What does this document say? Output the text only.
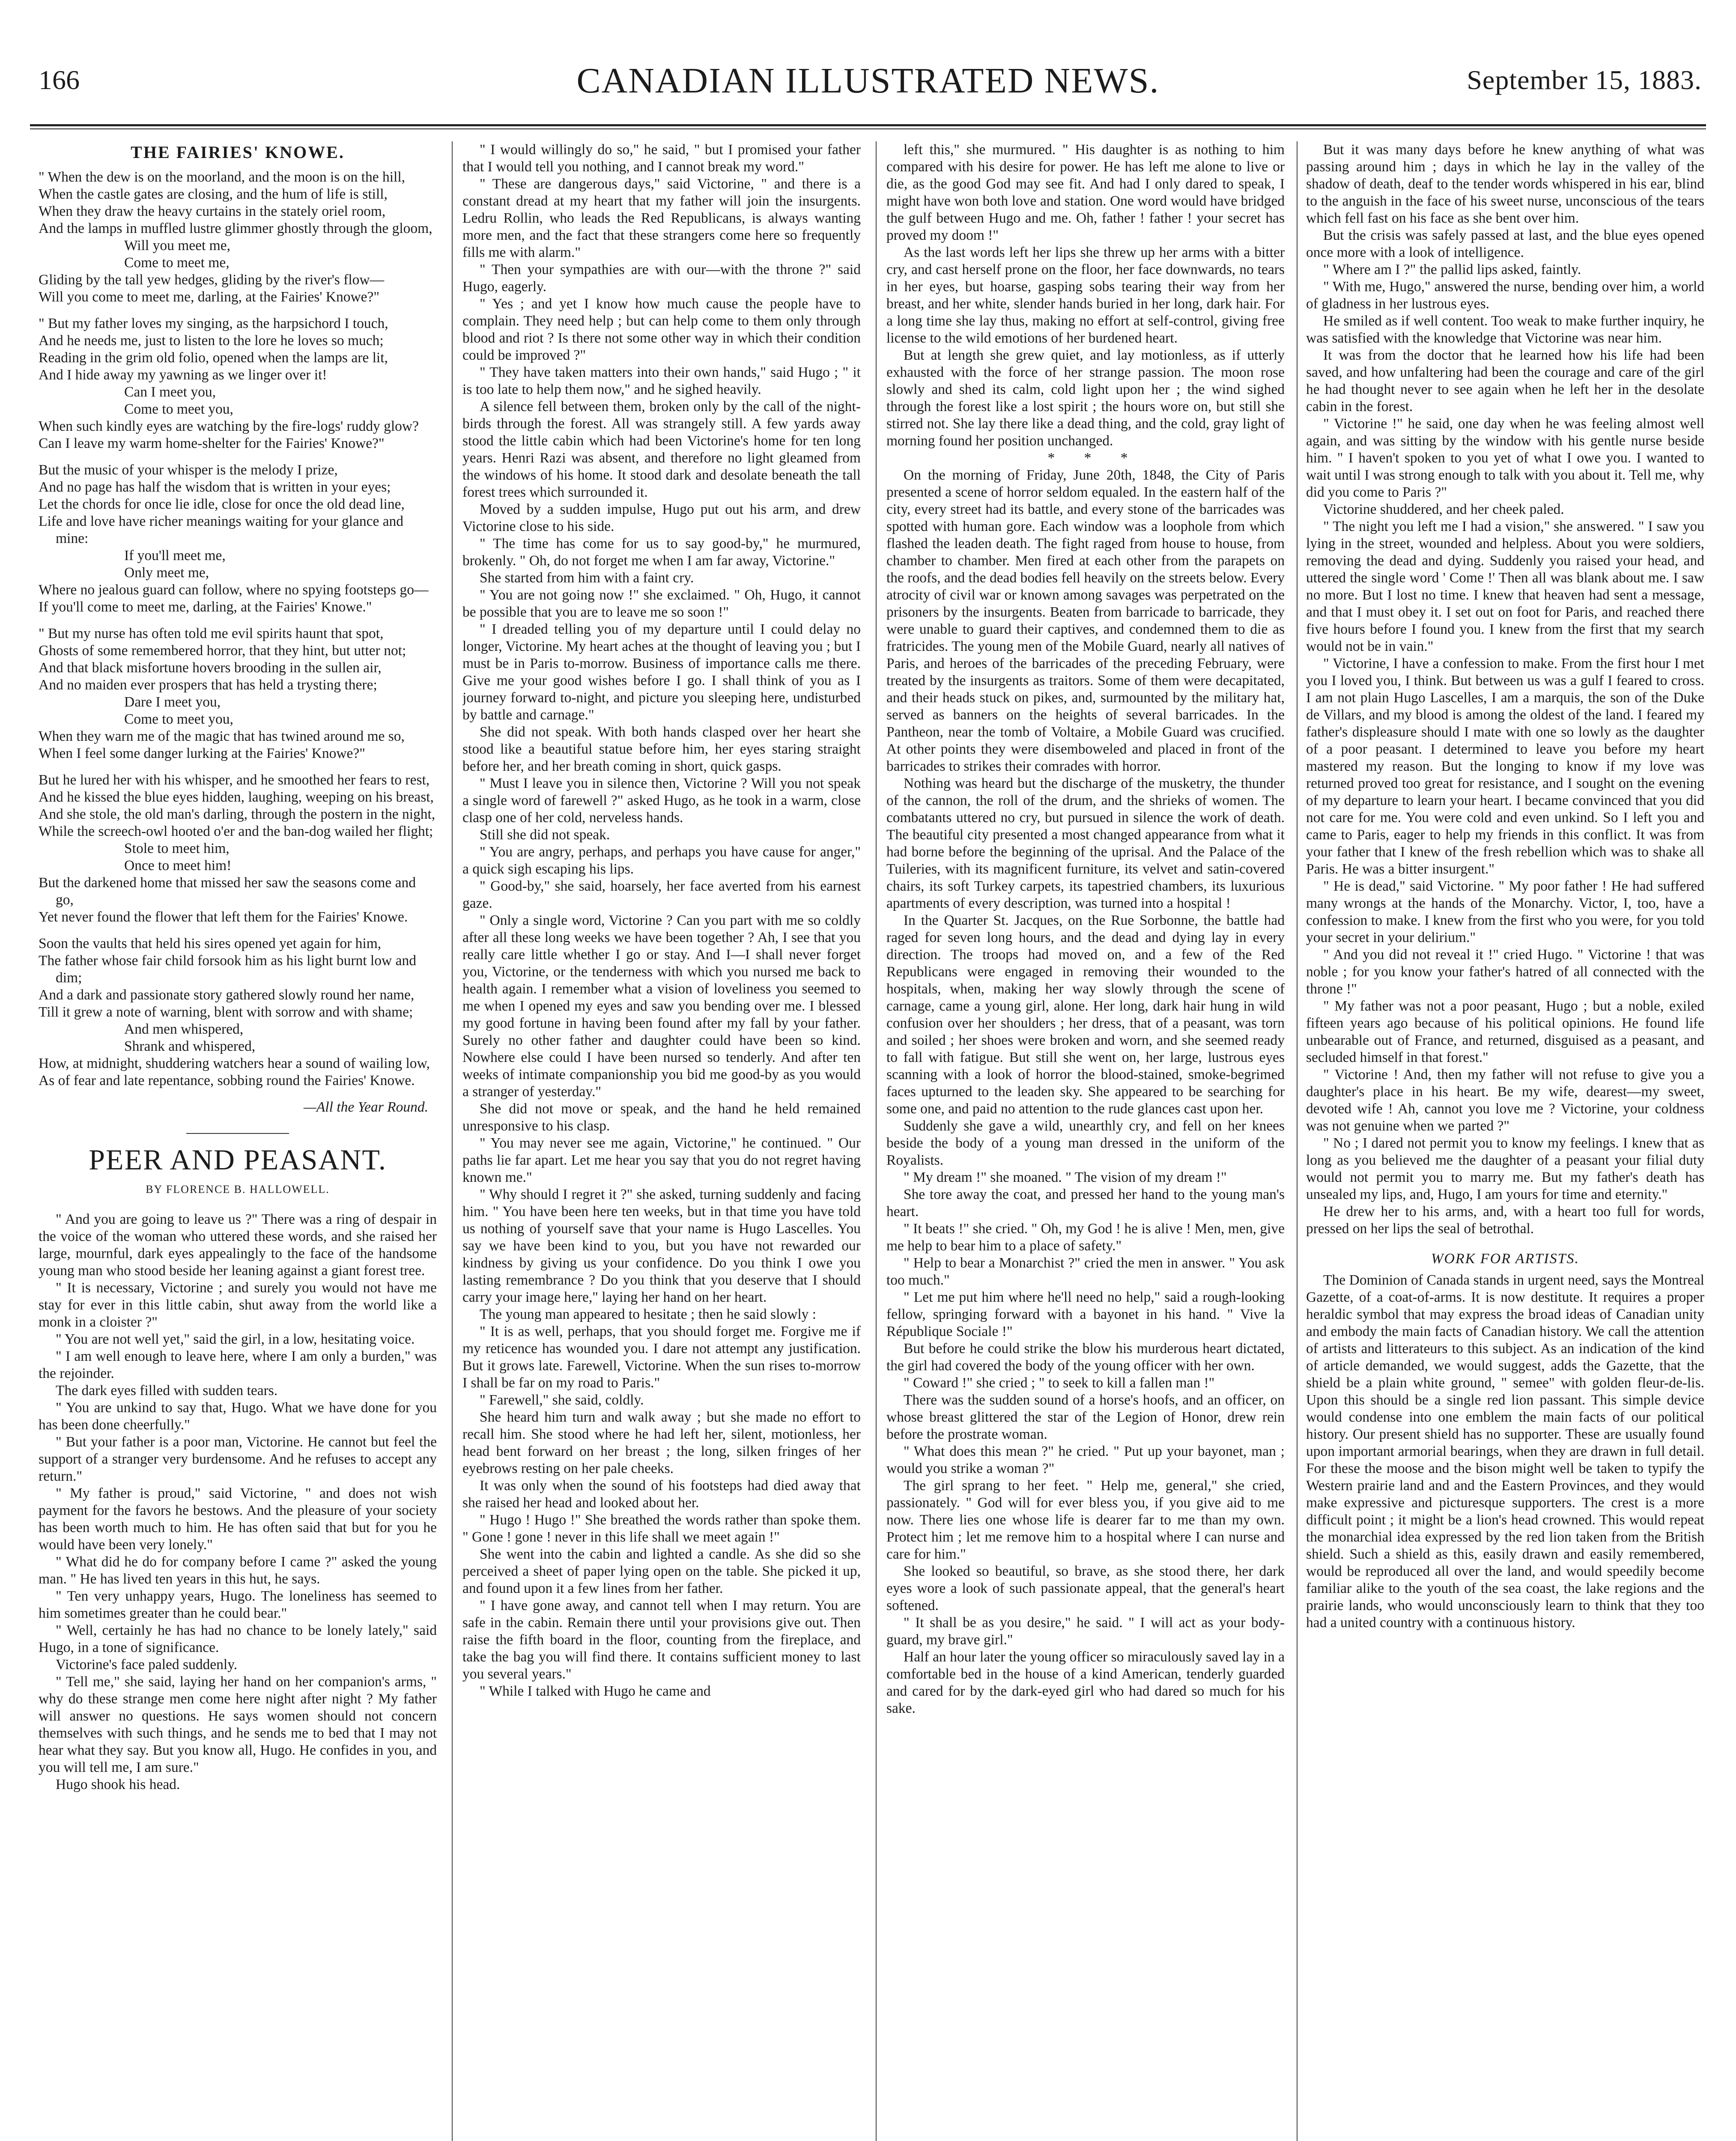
166	CANADIAN ILLUSTRATED NEWS.	September 15, 1883.
THE FAIRIES' KNOWE.
" When the dew is on the moorland, and the moon is on the hill,
When the castle gates are closing, and the hum of life is still,
When they draw the heavy curtains in the stately oriel room,
And the lamps in muffled lustre glimmer ghostly through the gloom,
Will you meet me,
Come to meet me,
Gliding by the tall yew hedges, gliding by the river's flow—
Will you come to meet me, darling, at the Fairies' Knowe?"
" But my father loves my singing, as the harpsichord I touch,
And he needs me, just to listen to the lore he loves so much;
Reading in the grim old folio, opened when the lamps are lit,
And I hide away my yawning as we linger over it!
Can I meet you,
Come to meet you,
When such kindly eyes are watching by the fire-logs' ruddy glow?
Can I leave my warm home-shelter for the Fairies' Knowe?"
But the music of your whisper is the melody I prize,
And no page has half the wisdom that is written in your eyes;
Let the chords for once lie idle, close for once the old dead line,
Life and love have richer meanings waiting for your glance and mine:
If you'll meet me,
Only meet me,
Where no jealous guard can follow, where no spying footsteps go—
If you'll come to meet me, darling, at the Fairies' Knowe."
" But my nurse has often told me evil spirits haunt that spot,
Ghosts of some remembered horror, that they hint, but utter not;
And that black misfortune hovers brooding in the sullen air,
And no maiden ever prospers that has held a trysting there;
Dare I meet you,
Come to meet you,
When they warn me of the magic that has twined around me so,
When I feel some danger lurking at the Fairies' Knowe?"
But he lured her with his whisper, and he smoothed her fears to rest,
And he kissed the blue eyes hidden, laughing, weeping on his breast,
And she stole, the old man's darling, through the postern in the night,
While the screech-owl hooted o'er and the ban-dog wailed her flight;
Stole to meet him,
Once to meet him!
But the darkened home that missed her saw the seasons come and go,
Yet never found the flower that left them for the Fairies' Knowe.
Soon the vaults that held his sires opened yet again for him,
The father whose fair child forsook him as his light burnt low and dim;
And a dark and passionate story gathered slowly round her name,
Till it grew a note of warning, blent with sorrow and with shame;
And men whispered,
Shrank and whispered,
How, at midnight, shuddering watchers hear a sound of wailing low,
As of fear and late repentance, sobbing round the Fairies' Knowe.
—All the Year Round.
PEER AND PEASANT.
BY FLORENCE B. HALLOWELL.

" And you are going to leave us ?" There was a ring of despair in the voice of the woman who uttered these words, and she raised her large, mournful, dark eyes appealingly to the face of the handsome young man who stood beside her leaning against a giant forest tree.

" It is necessary, Victorine ; and surely you would not have me stay for ever in this little cabin, shut away from the world like a monk in a cloister ?"

" You are not well yet," said the girl, in a low, hesitating voice.

" I am well enough to leave here, where I am only a burden," was the rejoinder.

The dark eyes filled with sudden tears.

" You are unkind to say that, Hugo. What we have done for you has been done cheerfully."

" But your father is a poor man, Victorine. He cannot but feel the support of a stranger very burdensome. And he refuses to accept any return."

" My father is proud," said Victorine, " and does not wish payment for the favors he bestows. And the pleasure of your society has been worth much to him. He has often said that but for you he would have been very lonely."

" What did he do for company before I came ?" asked the young man. " He has lived ten years in this hut, he says.

" Ten very unhappy years, Hugo. The loneliness has seemed to him sometimes greater than he could bear."

" Well, certainly he has had no chance to be lonely lately," said Hugo, in a tone of significance.

Victorine's face paled suddenly.

" Tell me," she said, laying her hand on her companion's arms, " why do these strange men come here night after night ? My father will answer no questions. He says women should not concern themselves with such things, and he sends me to bed that I may not hear what they say. But you know all, Hugo. He confides in you, and you will tell me, I am sure."

Hugo shook his head.

" I would willingly do so," he said, " but I promised your father that I would tell you nothing, and I cannot break my word."

" These are dangerous days," said Victorine, " and there is a constant dread at my heart that my father will join the insurgents. Ledru Rollin, who leads the Red Republicans, is always wanting more men, and the fact that these strangers come here so frequently fills me with alarm."

" Then your sympathies are with our—with the throne ?" said Hugo, eagerly.

" Yes ; and yet I know how much cause the people have to complain. They need help ; but can help come to them only through blood and riot ? Is there not some other way in which their condition could be improved ?"

" They have taken matters into their own hands," said Hugo ; " it is too late to help them now," and he sighed heavily.

A silence fell between them, broken only by the call of the night-birds through the forest. All was strangely still. A few yards away stood the little cabin which had been Victorine's home for ten long years. Henri Razi was absent, and therefore no light gleamed from the windows of his home. It stood dark and desolate beneath the tall forest trees which surrounded it.

Moved by a sudden impulse, Hugo put out his arm, and drew Victorine close to his side.

" The time has come for us to say good-by," he murmured, brokenly. " Oh, do not forget me when I am far away, Victorine."

She started from him with a faint cry.

" You are not going now !" she exclaimed. " Oh, Hugo, it cannot be possible that you are to leave me so soon !"

" I dreaded telling you of my departure until I could delay no longer, Victorine. My heart aches at the thought of leaving you ; but I must be in Paris to-morrow. Business of importance calls me there. Give me your good wishes before I go. I shall think of you as I journey forward to-night, and picture you sleeping here, undisturbed by battle and carnage."

She did not speak. With both hands clasped over her heart she stood like a beautiful statue before him, her eyes staring straight before her, and her breath coming in short, quick gasps.

" Must I leave you in silence then, Victorine ? Will you not speak a single word of farewell ?" asked Hugo, as he took in a warm, close clasp one of her cold, nerveless hands.

Still she did not speak.

" You are angry, perhaps, and perhaps you have cause for anger," a quick sigh escaping his lips.

" Good-by," she said, hoarsely, her face averted from his earnest gaze.

" Only a single word, Victorine ? Can you part with me so coldly after all these long weeks we have been together ? Ah, I see that you really care little whether I go or stay. And I—I shall never forget you, Victorine, or the tenderness with which you nursed me back to health again. I remember what a vision of loveliness you seemed to me when I opened my eyes and saw you bending over me. I blessed my good fortune in having been found after my fall by your father. Surely no other father and daughter could have been so kind. Nowhere else could I have been nursed so tenderly. And after ten weeks of intimate companionship you bid me good-by as you would a stranger of yesterday."

She did not move or speak, and the hand he held remained unresponsive to his clasp.

" You may never see me again, Victorine," he continued. " Our paths lie far apart. Let me hear you say that you do not regret having known me."

" Why should I regret it ?" she asked, turning suddenly and facing him. " You have been here ten weeks, but in that time you have told us nothing of yourself save that your name is Hugo Lascelles. You say we have been kind to you, but you have not rewarded our kindness by giving us your confidence. Do you think I owe you lasting remembrance ? Do you think that you deserve that I should carry your image here," laying her hand on her heart.

The young man appeared to hesitate ; then he said slowly :

" It is as well, perhaps, that you should forget me. Forgive me if my reticence has wounded you. I dare not attempt any justification. But it grows late. Farewell, Victorine. When the sun rises to-morrow I shall be far on my road to Paris."

" Farewell," she said, coldly.

She heard him turn and walk away ; but she made no effort to recall him. She stood where he had left her, silent, motionless, her head bent forward on her breast ; the long, silken fringes of her eyebrows resting on her pale cheeks.

It was only when the sound of his footsteps had died away that she raised her head and looked about her.

" Hugo ! Hugo !" She breathed the words rather than spoke them. " Gone ! gone ! never in this life shall we meet again !"

She went into the cabin and lighted a candle. As she did so she perceived a sheet of paper lying open on the table. She picked it up, and found upon it a few lines from her father.

" I have gone away, and cannot tell when I may return. You are safe in the cabin. Remain there until your provisions give out. Then raise the fifth board in the floor, counting from the fireplace, and take the bag you will find there. It contains sufficient money to last you several years."

" While I talked with Hugo he came and

left this," she murmured. " His daughter is as nothing to him compared with his desire for power. He has left me alone to live or die, as the good God may see fit. And had I only dared to speak, I might have won both love and station. One word would have bridged the gulf between Hugo and me. Oh, father ! father ! your secret has proved my doom !"

As the last words left her lips she threw up her arms with a bitter cry, and cast herself prone on the floor, her face downwards, no tears in her eyes, but hoarse, gasping sobs tearing their way from her breast, and her white, slender hands buried in her long, dark hair. For a long time she lay thus, making no effort at self-control, giving free license to the wild emotions of her burdened heart.

But at length she grew quiet, and lay motionless, as if utterly exhausted with the force of her strange passion. The moon rose slowly and shed its calm, cold light upon her ; the wind sighed through the forest like a lost spirit ; the hours wore on, but still she stirred not. She lay there like a dead thing, and the cold, gray light of morning found her position unchanged.

* * *

On the morning of Friday, June 20th, 1848, the City of Paris presented a scene of horror seldom equaled. In the eastern half of the city, every street had its battle, and every stone of the barricades was spotted with human gore. Each window was a loophole from which flashed the leaden death. The fight raged from house to house, from chamber to chamber. Men fired at each other from the parapets on the roofs, and the dead bodies fell heavily on the streets below. Every atrocity of civil war or known among savages was perpetrated on the prisoners by the insurgents. Beaten from barricade to barricade, they were unable to guard their captives, and condemned them to die as fratricides. The young men of the Mobile Guard, nearly all natives of Paris, and heroes of the barricades of the preceding February, were treated by the insurgents as traitors. Some of them were decapitated, and their heads stuck on pikes, and, surmounted by the military hat, served as banners on the heights of several barricades. In the Pantheon, near the tomb of Voltaire, a Mobile Guard was crucified. At other points they were disemboweled and placed in front of the barricades to strikes their comrades with horror.

Nothing was heard but the discharge of the musketry, the thunder of the cannon, the roll of the drum, and the shrieks of women. The combatants uttered no cry, but pursued in silence the work of death. The beautiful city presented a most changed appearance from what it had borne before the beginning of the uprisal. And the Palace of the Tuileries, with its magnificent furniture, its velvet and satin-covered chairs, its soft Turkey carpets, its tapestried chambers, its luxurious apartments of every description, was turned into a hospital !

In the Quarter St. Jacques, on the Rue Sorbonne, the battle had raged for seven long hours, and the dead and dying lay in every direction. The troops had moved on, and a few of the Red Republicans were engaged in removing their wounded to the hospitals, when, making her way slowly through the scene of carnage, came a young girl, alone. Her long, dark hair hung in wild confusion over her shoulders ; her dress, that of a peasant, was torn and soiled ; her shoes were broken and worn, and she seemed ready to fall with fatigue. But still she went on, her large, lustrous eyes scanning with a look of horror the blood-stained, smoke-begrimed faces upturned to the leaden sky. She appeared to be searching for some one, and paid no attention to the rude glances cast upon her.

Suddenly she gave a wild, unearthly cry, and fell on her knees beside the body of a young man dressed in the uniform of the Royalists.

" My dream !" she moaned. " The vision of my dream !"

She tore away the coat, and pressed her hand to the young man's heart.

" It beats !" she cried. " Oh, my God ! he is alive ! Men, men, give me help to bear him to a place of safety."

" Help to bear a Monarchist ?" cried the men in answer. " You ask too much."

" Let me put him where he'll need no help," said a rough-looking fellow, springing forward with a bayonet in his hand. " Vive la République Sociale !"

But before he could strike the blow his murderous heart dictated, the girl had covered the body of the young officer with her own.

" Coward !" she cried ; " to seek to kill a fallen man !"

There was the sudden sound of a horse's hoofs, and an officer, on whose breast glittered the star of the Legion of Honor, drew rein before the prostrate woman.

" What does this mean ?" he cried. " Put up your bayonet, man ; would you strike a woman ?"

The girl sprang to her feet. " Help me, general," she cried, passionately. " God will for ever bless you, if you give aid to me now. There lies one whose life is dearer far to me than my own. Protect him ; let me remove him to a hospital where I can nurse and care for him."

She looked so beautiful, so brave, as she stood there, her dark eyes wore a look of such passionate appeal, that the general's heart softened.

" It shall be as you desire," he said. " I will act as your body-guard, my brave girl."

Half an hour later the young officer so miraculously saved lay in a comfortable bed in the house of a kind American, tenderly guarded and cared for by the dark-eyed girl who had dared so much for his sake.

But it was many days before he knew anything of what was passing around him ; days in which he lay in the valley of the shadow of death, deaf to the tender words whispered in his ear, blind to the anguish in the face of his sweet nurse, unconscious of the tears which fell fast on his face as she bent over him.

But the crisis was safely passed at last, and the blue eyes opened once more with a look of intelligence.

" Where am I ?" the pallid lips asked, faintly.

" With me, Hugo," answered the nurse, bending over him, a world of gladness in her lustrous eyes.

He smiled as if well content. Too weak to make further inquiry, he was satisfied with the knowledge that Victorine was near him.

It was from the doctor that he learned how his life had been saved, and how unfaltering had been the courage and care of the girl he had thought never to see again when he left her in the desolate cabin in the forest.

" Victorine !" he said, one day when he was feeling almost well again, and was sitting by the window with his gentle nurse beside him. " I haven't spoken to you yet of what I owe you. I wanted to wait until I was strong enough to talk with you about it. Tell me, why did you come to Paris ?"

Victorine shuddered, and her cheek paled.

" The night you left me I had a vision," she answered. " I saw you lying in the street, wounded and helpless. About you were soldiers, removing the dead and dying. Suddenly you raised your head, and uttered the single word ' Come !' Then all was blank about me. I saw no more. But I lost no time. I knew that heaven had sent a message, and that I must obey it. I set out on foot for Paris, and reached there five hours before I found you. I knew from the first that my search would not be in vain."

" Victorine, I have a confession to make. From the first hour I met you I loved you, I think. But between us was a gulf I feared to cross. I am not plain Hugo Lascelles, I am a marquis, the son of the Duke de Villars, and my blood is among the oldest of the land. I feared my father's displeasure should I mate with one so lowly as the daughter of a poor peasant. I determined to leave you before my heart mastered my reason. But the longing to know if my love was returned proved too great for resistance, and I sought on the evening of my departure to learn your heart. I became convinced that you did not care for me. You were cold and even unkind. So I left you and came to Paris, eager to help my friends in this conflict. It was from your father that I knew of the fresh rebellion which was to shake all Paris. He was a bitter insurgent."

" He is dead," said Victorine. " My poor father ! He had suffered many wrongs at the hands of the Monarchy. Victor, I, too, have a confession to make. I knew from the first who you were, for you told your secret in your delirium."

" And you did not reveal it !" cried Hugo. " Victorine ! that was noble ; for you know your father's hatred of all connected with the throne !"

" My father was not a poor peasant, Hugo ; but a noble, exiled fifteen years ago because of his political opinions. He found life unbearable out of France, and returned, disguised as a peasant, and secluded himself in that forest."

" Victorine ! And, then my father will not refuse to give you a daughter's place in his heart. Be my wife, dearest—my sweet, devoted wife ! Ah, cannot you love me ? Victorine, your coldness was not genuine when we parted ?"

" No ; I dared not permit you to know my feelings. I knew that as long as you believed me the daughter of a peasant your filial duty would not permit you to marry me. But my father's death has unsealed my lips, and, Hugo, I am yours for time and eternity."

He drew her to his arms, and, with a heart too full for words, pressed on her lips the seal of betrothal.

WORK FOR ARTISTS.

The Dominion of Canada stands in urgent need, says the Montreal Gazette, of a coat-of-arms. It is now destitute. It requires a proper heraldic symbol that may express the broad ideas of Canadian unity and embody the main facts of Canadian history. We call the attention of artists and litterateurs to this subject. As an indication of the kind of article demanded, we would suggest, adds the Gazette, that the shield be a plain white ground, " semee" with golden fleur-de-lis. Upon this should be a single red lion passant. This simple device would condense into one emblem the main facts of our political history. Our present shield has no supporter. These are usually found upon important armorial bearings, when they are drawn in full detail. For these the moose and the bison might well be taken to typify the Western prairie land and and the Eastern Provinces, and they would make expressive and picturesque supporters. The crest is a more difficult point ; it might be a lion's head crowned. This would repeat the monarchial idea expressed by the red lion taken from the British shield. Such a shield as this, easily drawn and easily remembered, would be reproduced all over the land, and would speedily become familiar alike to the youth of the sea coast, the lake regions and the prairie lands, who would unconsciously learn to think that they too had a united country with a continuous history.
